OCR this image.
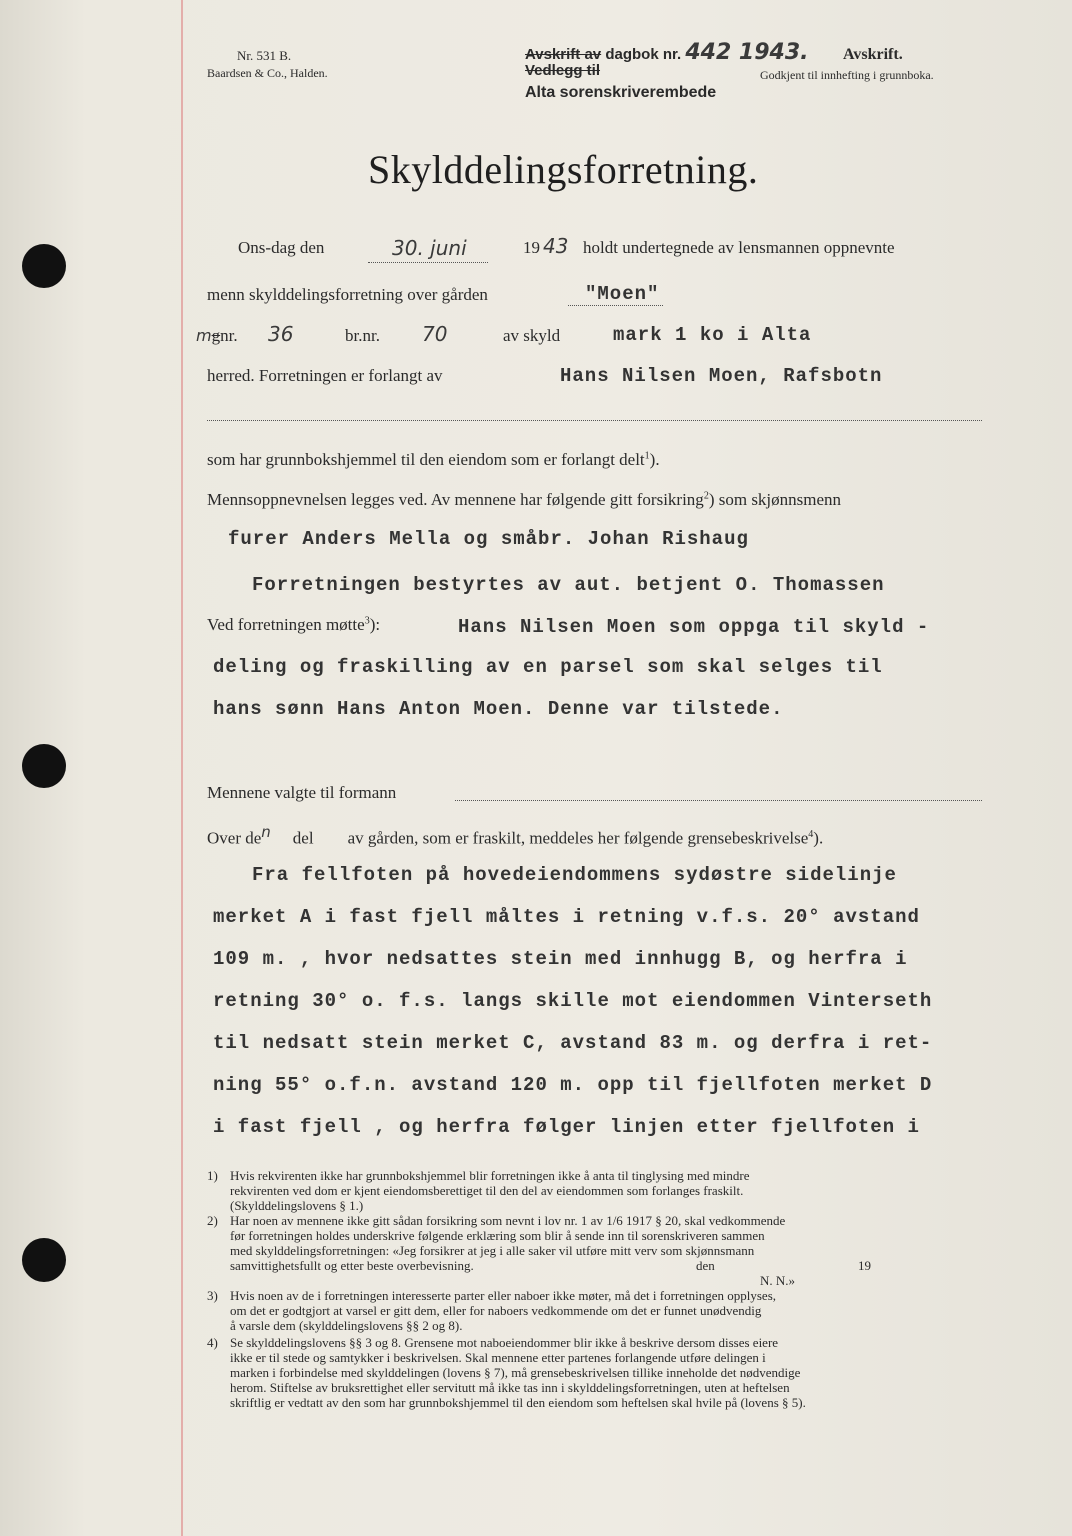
Nr. 531 B.
Baardsen & Co., Halden.
Avskrift av dagbok nr. 442 1943.
Vedlegg til
Alta sorenskriverembede
Avskrift.
Godkjent til innhefting i grunnboka.
Skylddelingsforretning.
Ons-dag den	30. juni	19 43 holdt undertegnede av lensmannen oppnevnte
menn skylddelingsforretning over gården	"Moen"
mgnr. 36	br.nr. 70	av skyld	mark 1 ko i Alta
herred. Forretningen er forlangt av	Hans Nilsen Moen, Rafsbotn
som har grunnbokshjemmel til den eiendom som er forlangt delt$^1$).
Mennsoppnevnelsen legges ved. Av mennene har følgende gitt forsikring$^2$) som skjønnsmenn
furer Anders Mella og småbr. Johan Rishaug
Forretningen bestyrtes av aut. betjent O. Thomassen
Ved forretningen møtte$^3$):	Hans Nilsen Moen som oppga til skyld -
deling og fraskilling av en parsel som skal selges til
hans sønn Hans Anton Moen. Denne var tilstede.
Mennene valgte til formann
Over den del av gården, som er fraskilt, meddeles her følgende grensebeskrivelse$^4$).
Fra fellfoten på hovedeiendommens sydøstre sidelinje
merket A i fast fjell måltes i retning v.f.s. 20° avstand
109 m. , hvor nedsattes stein med innhugg B, og herfra i
retning 30° o. f.s. langs skille mot eiendommen Vinterseth
til nedsatt stein merket C, avstand 83 m. og derfra i ret-
ning 55° o.f.n. avstand 120 m. opp til fjellfoten merket D
i fast fjell , og herfra følger linjen etter fjellfoten i
1) Hvis rekvirenten ikke har grunnbokshjemmel blir forretningen ikke å anta til tinglysing med mindre
rekvirenten ved dom er kjent eiendomsberettiget til den del av eiendommen som forlanges fraskilt.
(Skylddelingslovens § 1.)
2) Har noen av mennene ikke gitt sådan forsikring som nevnt i lov nr. 1 av 1/6 1917 § 20, skal vedkommende
før forretningen holdes underskrive følgende erklæring som blir å sende inn til sorenskriveren sammen
med skylddelingsforretningen: «Jeg forsikrer at jeg i alle saker vil utføre mitt verv som skjønnsmann
samvittighetsfullt og etter beste overbevisning.	den	19
N. N.»
3) Hvis noen av de i forretningen interesserte parter eller naboer ikke møter, må det i forretningen opplyses,
om det er godtgjort at varsel er gitt dem, eller for naboers vedkommende om det er funnet unødvendig
å varsle dem (skylddelingslovens §§ 2 og 8).
4) Se skylddelingslovens §§ 3 og 8. Grensene mot naboeiendommer blir ikke å beskrive dersom disses eiere
ikke er til stede og samtykker i beskrivelsen. Skal mennene etter partenes forlangende utføre delingen i
marken i forbindelse med skylddelingen (lovens § 7), må grensebeskrivelsen tillike inneholde det nødvendige
herom. Stiftelse av bruksrettighet eller servitutt må ikke tas inn i skylddelingsforretningen, uten at heftelsen
skriftlig er vedtatt av den som har grunnbokshjemmel til den eiendom som heftelsen skal hvile på (lovens § 5).
